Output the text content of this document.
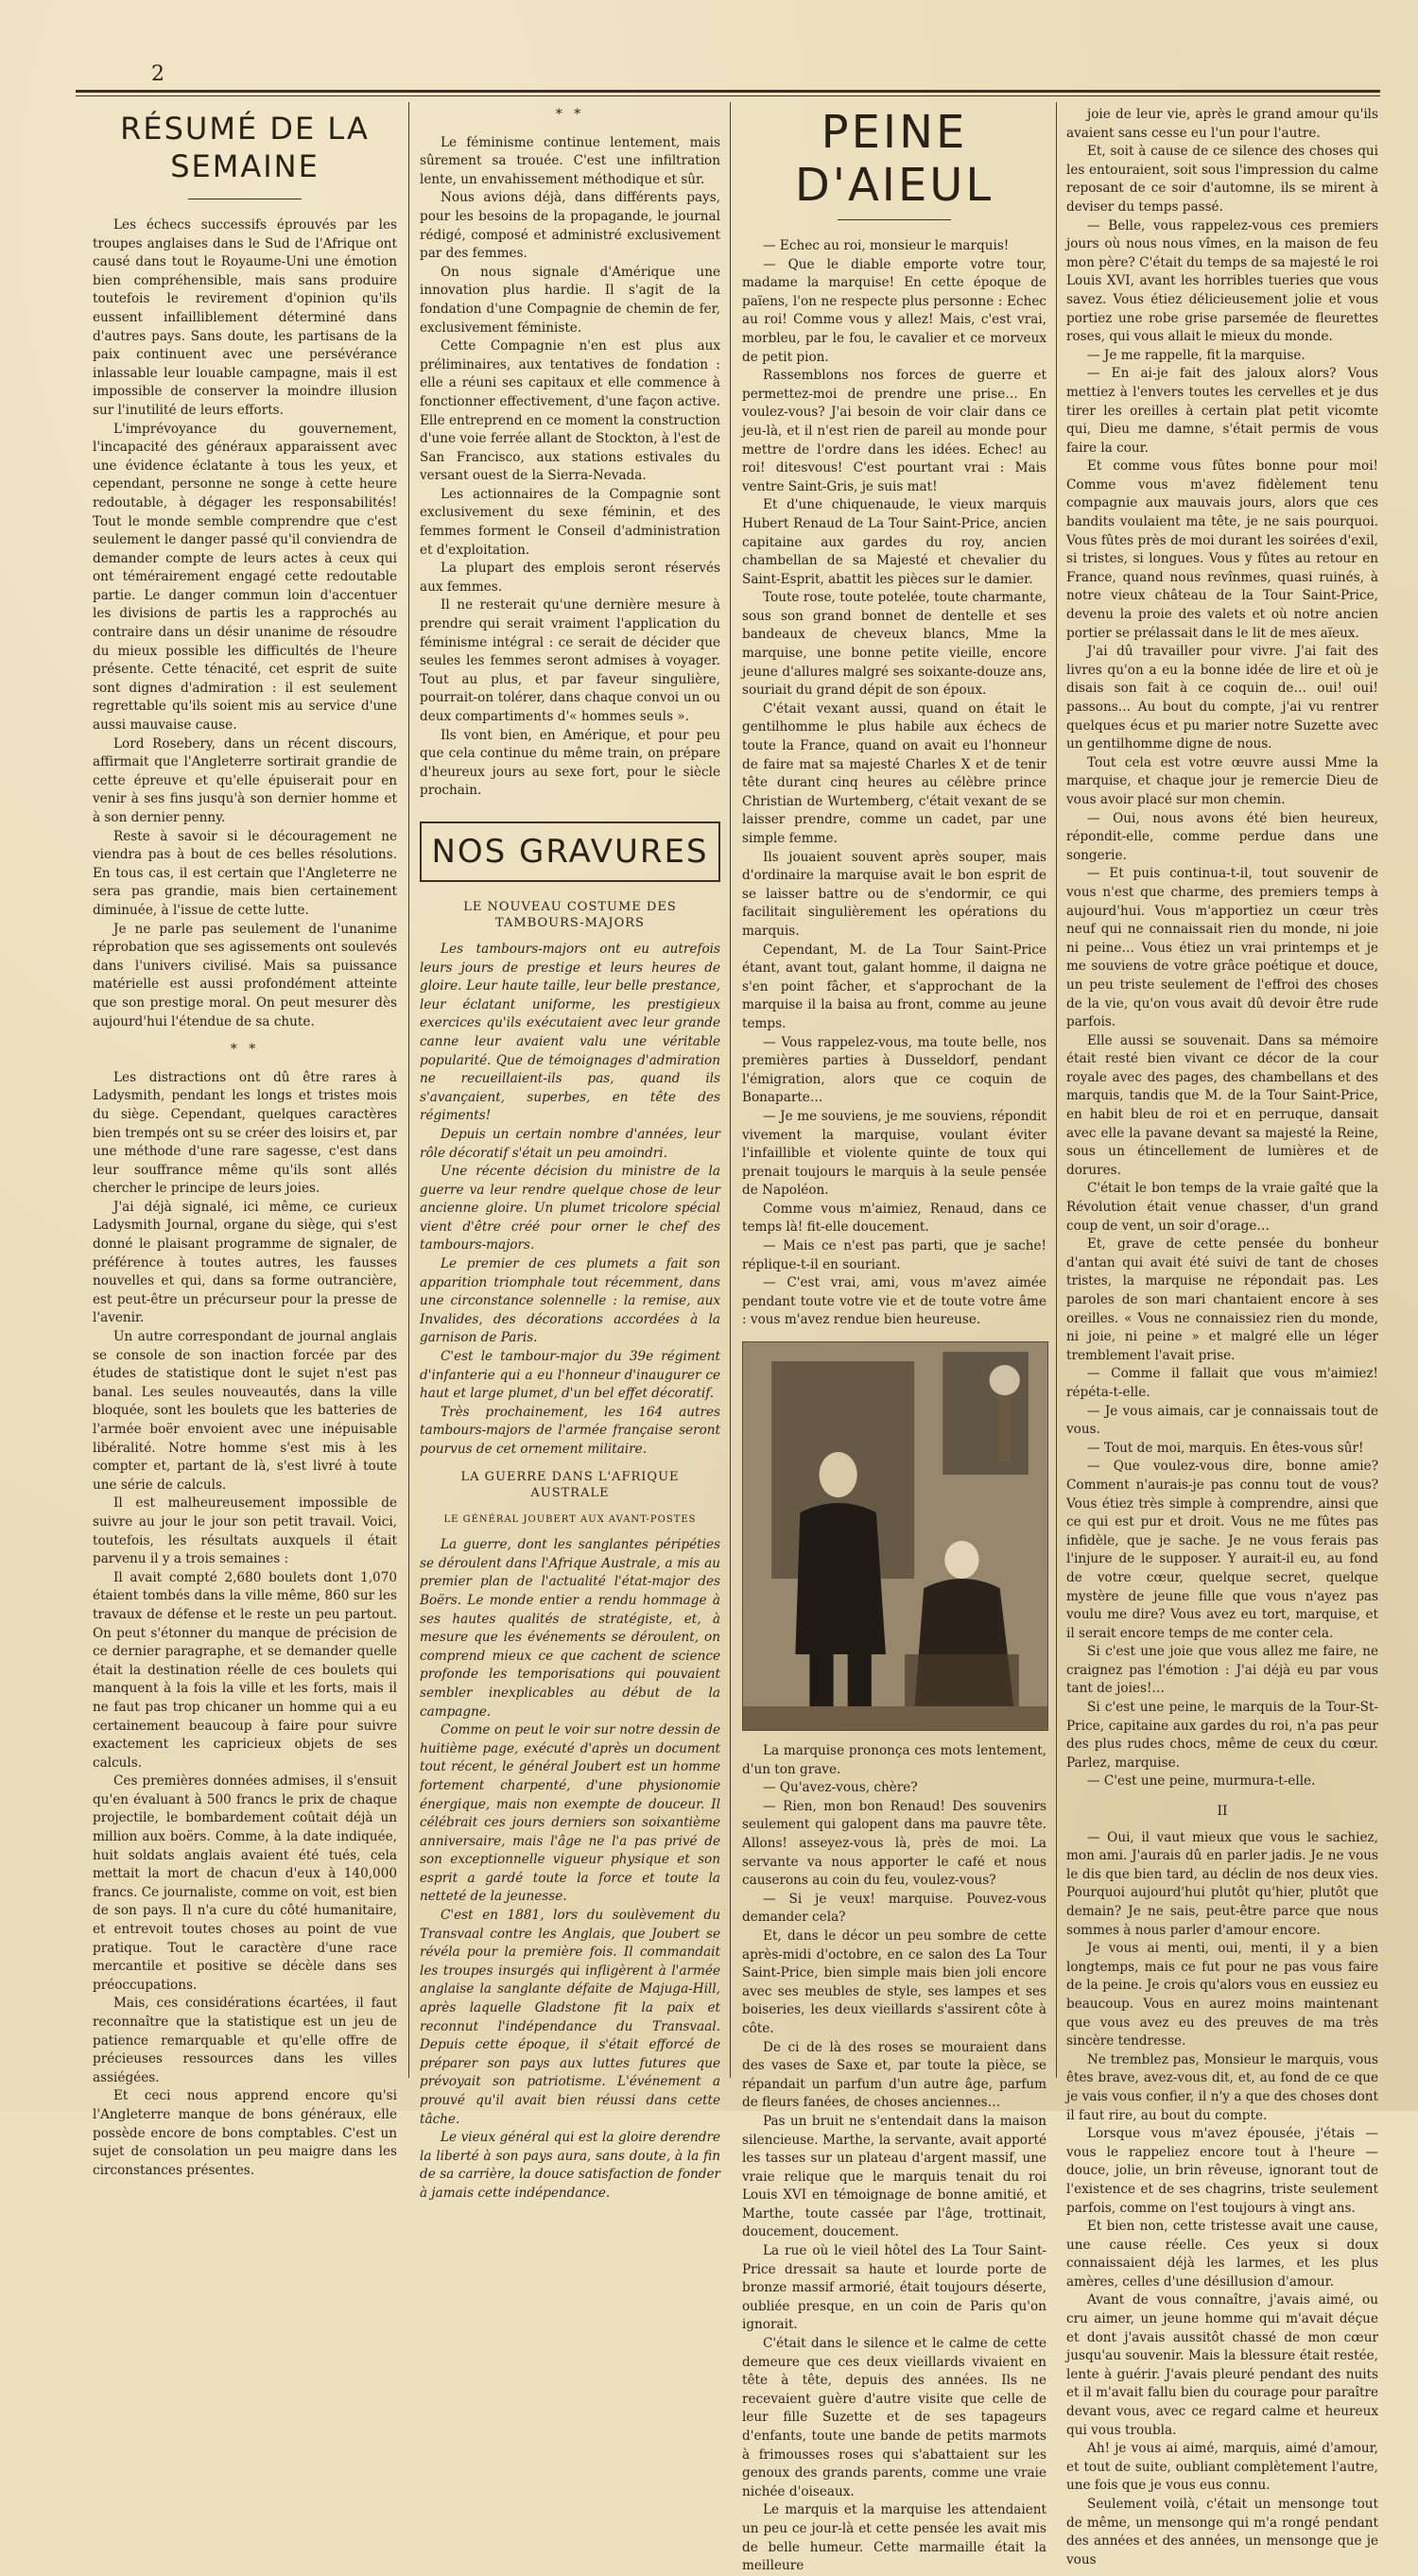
2
RÉSUMÉ DE LA SEMAINE

Les échecs successifs éprouvés par les troupes anglaises dans le Sud de l'Afrique ont causé dans tout le Royaume-Uni une émotion bien compréhensible, mais sans produire toutefois le revirement d'opinion qu'ils eussent infailliblement déterminé dans d'autres pays. Sans doute, les partisans de la paix continuent avec une persévérance inlassable leur louable campagne, mais il est impossible de conserver la moindre illusion sur l'inutilité de leurs efforts.

L'imprévoyance du gouvernement, l'incapacité des généraux apparaissent avec une évidence éclatante à tous les yeux, et cependant, personne ne songe à cette heure redoutable, à dégager les responsabilités! Tout le monde semble comprendre que c'est seulement le danger passé qu'il conviendra de demander compte de leurs actes à ceux qui ont témérairement engagé cette redoutable partie. Le danger commun loin d'accentuer les divisions de partis les a rapprochés au contraire dans un désir unanime de résoudre du mieux possible les difficultés de l'heure présente. Cette ténacité, cet esprit de suite sont dignes d'admiration : il est seulement regrettable qu'ils soient mis au service d'une aussi mauvaise cause.

Lord Rosebery, dans un récent discours, affirmait que l'Angleterre sortirait grandie de cette épreuve et qu'elle épuiserait pour en venir à ses fins jusqu'à son dernier homme et à son dernier penny.

Reste à savoir si le découragement ne viendra pas à bout de ces belles résolutions. En tous cas, il est certain que l'Angleterre ne sera pas grandie, mais bien certainement diminuée, à l'issue de cette lutte.

Je ne parle pas seulement de l'unanime réprobation que ses agissements ont soulevés dans l'univers civilisé. Mais sa puissance matérielle est aussi profondément atteinte que son prestige moral. On peut mesurer dès aujourd'hui l'étendue de sa chute.

* *

Les distractions ont dû être rares à Ladysmith, pendant les longs et tristes mois du siège. Cependant, quelques caractères bien trempés ont su se créer des loisirs et, par une méthode d'une rare sagesse, c'est dans leur souffrance même qu'ils sont allés chercher le principe de leurs joies.

J'ai déjà signalé, ici même, ce curieux Ladysmith Journal, organe du siège, qui s'est donné le plaisant programme de signaler, de préférence à toutes autres, les fausses nouvelles et qui, dans sa forme outrancière, est peut-être un précurseur pour la presse de l'avenir.

Un autre correspondant de journal anglais se console de son inaction forcée par des études de statistique dont le sujet n'est pas banal. Les seules nouveautés, dans la ville bloquée, sont les boulets que les batteries de l'armée boër envoient avec une inépuisable libéralité. Notre homme s'est mis à les compter et, partant de là, s'est livré à toute une série de calculs.

Il est malheureusement impossible de suivre au jour le jour son petit travail. Voici, toutefois, les résultats auxquels il était parvenu il y a trois semaines :

Il avait compté 2,680 boulets dont 1,070 étaient tombés dans la ville même, 860 sur les travaux de défense et le reste un peu partout. On peut s'étonner du manque de précision de ce dernier paragraphe, et se demander quelle était la destination réelle de ces boulets qui manquent à la fois la ville et les forts, mais il ne faut pas trop chicaner un homme qui a eu certainement beaucoup à faire pour suivre exactement les capricieux objets de ses calculs.

Ces premières données admises, il s'ensuit qu'en évaluant à 500 francs le prix de chaque projectile, le bombardement coûtait déjà un million aux boërs. Comme, à la date indiquée, huit soldats anglais avaient été tués, cela mettait la mort de chacun d'eux à 140,000 francs. Ce journaliste, comme on voit, est bien de son pays. Il n'a cure du côté humanitaire, et entrevoit toutes choses au point de vue pratique. Tout le caractère d'une race mercantile et positive se décèle dans ses préoccupations.

Mais, ces considérations écartées, il faut reconnaître que la statistique est un jeu de patience remarquable et qu'elle offre de précieuses ressources dans les villes assiégées.

Et ceci nous apprend encore qu'si l'Angleterre manque de bons généraux, elle possède encore de bons comptables. C'est un sujet de consolation un peu maigre dans les circonstances présentes.

* *

Le féminisme continue lentement, mais sûrement sa trouée. C'est une infiltration lente, un envahissement méthodique et sûr.

Nous avions déjà, dans différents pays, pour les besoins de la propagande, le journal rédigé, composé et administré exclusivement par des femmes.

On nous signale d'Amérique une innovation plus hardie. Il s'agit de la fondation d'une Compagnie de chemin de fer, exclusivement féministe.

Cette Compagnie n'en est plus aux préliminaires, aux tentatives de fondation : elle a réuni ses capitaux et elle commence à fonctionner effectivement, d'une façon active. Elle entreprend en ce moment la construction d'une voie ferrée allant de Stockton, à l'est de San Francisco, aux stations estivales du versant ouest de la Sierra-Nevada.

Les actionnaires de la Compagnie sont exclusivement du sexe féminin, et des femmes forment le Conseil d'administration et d'exploitation.

La plupart des emplois seront réservés aux femmes.

Il ne resterait qu'une dernière mesure à prendre qui serait vraiment l'application du féminisme intégral : ce serait de décider que seules les femmes seront admises à voyager. Tout au plus, et par faveur singulière, pourrait-on tolérer, dans chaque convoi un ou deux compartiments d'« hommes seuls ».

Ils vont bien, en Amérique, et pour peu que cela continue du même train, on prépare d'heureux jours au sexe fort, pour le siècle prochain.

NOS GRAVURES
LE NOUVEAU COSTUME DES TAMBOURS-MAJORS

Les tambours-majors ont eu autrefois leurs jours de prestige et leurs heures de gloire. Leur haute taille, leur belle prestance, leur éclatant uniforme, les prestigieux exercices qu'ils exécutaient avec leur grande canne leur avaient valu une véritable popularité. Que de témoignages d'admiration ne recueillaient-ils pas, quand ils s'avançaient, superbes, en tête des régiments!

Depuis un certain nombre d'années, leur rôle décoratif s'était un peu amoindri.

Une récente décision du ministre de la guerre va leur rendre quelque chose de leur ancienne gloire. Un plumet tricolore spécial vient d'être créé pour orner le chef des tambours-majors.

Le premier de ces plumets a fait son apparition triomphale tout récemment, dans une circonstance solennelle : la remise, aux Invalides, des décorations accordées à la garnison de Paris.

C'est le tambour-major du 39e régiment d'infanterie qui a eu l'honneur d'inaugurer ce haut et large plumet, d'un bel effet décoratif.

Très prochainement, les 164 autres tambours-majors de l'armée française seront pourvus de cet ornement militaire.

LA GUERRE DANS L'AFRIQUE AUSTRALE
LE GÉNÉRAL JOUBERT AUX AVANT-POSTES

La guerre, dont les sanglantes péripéties se déroulent dans l'Afrique Australe, a mis au premier plan de l'actualité l'état-major des Boërs. Le monde entier a rendu hommage à ses hautes qualités de stratégiste, et, à mesure que les événements se déroulent, on comprend mieux ce que cachent de science profonde les temporisations qui pouvaient sembler inexplicables au début de la campagne.

Comme on peut le voir sur notre dessin de huitième page, exécuté d'après un document tout récent, le général Joubert est un homme fortement charpenté, d'une physionomie énergique, mais non exempte de douceur. Il célébrait ces jours derniers son soixantième anniversaire, mais l'âge ne l'a pas privé de son exceptionnelle vigueur physique et son esprit a gardé toute la force et toute la netteté de la jeunesse.

C'est en 1881, lors du soulèvement du Transvaal contre les Anglais, que Joubert se révéla pour la première fois. Il commandait les troupes insurgés qui infligèrent à l'armée anglaise la sanglante défaite de Majuga-Hill, après laquelle Gladstone fit la paix et reconnut l'indépendance du Transvaal. Depuis cette époque, il s'était efforcé de préparer son pays aux luttes futures que prévoyait son patriotisme. L'événement a prouvé qu'il avait bien réussi dans cette tâche.

Le vieux général qui est la gloire derendre la liberté à son pays aura, sans doute, à la fin de sa carrière, la douce satisfaction de fonder à jamais cette indépendance.

PEINE D'AIEUL

— Echec au roi, monsieur le marquis!

— Que le diable emporte votre tour, madame la marquise! En cette époque de païens, l'on ne respecte plus personne : Echec au roi! Comme vous y allez! Mais, c'est vrai, morbleu, par le fou, le cavalier et ce morveux de petit pion.

Rassemblons nos forces de guerre et permettez-moi de prendre une prise… En voulez-vous? J'ai besoin de voir clair dans ce jeu-là, et il n'est rien de pareil au monde pour mettre de l'ordre dans les idées. Echec! au roi! ditesvous! C'est pourtant vrai : Mais ventre Saint-Gris, je suis mat!

Et d'une chiquenaude, le vieux marquis Hubert Renaud de La Tour Saint-Price, ancien capitaine aux gardes du roy, ancien chambellan de sa Majesté et chevalier du Saint-Esprit, abattit les pièces sur le damier.

Toute rose, toute potelée, toute charmante, sous son grand bonnet de dentelle et ses bandeaux de cheveux blancs, Mme la marquise, une bonne petite vieille, encore jeune d'allures malgré ses soixante-douze ans, souriait du grand dépit de son époux.

C'était vexant aussi, quand on était le gentilhomme le plus habile aux échecs de toute la France, quand on avait eu l'honneur de faire mat sa majesté Charles X et de tenir tête durant cinq heures au célèbre prince Christian de Wurtemberg, c'était vexant de se laisser prendre, comme un cadet, par une simple femme.

Ils jouaient souvent après souper, mais d'ordinaire la marquise avait le bon esprit de se laisser battre ou de s'endormir, ce qui facilitait singulièrement les opérations du marquis.

Cependant, M. de La Tour Saint-Price étant, avant tout, galant homme, il daigna ne s'en point fâcher, et s'approchant de la marquise il la baisa au front, comme au jeune temps.

— Vous rappelez-vous, ma toute belle, nos premières parties à Dusseldorf, pendant l'émigration, alors que ce coquin de Bonaparte…

— Je me souviens, je me souviens, répondit vivement la marquise, voulant éviter l'infaillible et violente quinte de toux qui prenait toujours le marquis à la seule pensée de Napoléon.

Comme vous m'aimiez, Renaud, dans ce temps là! fit-elle doucement.

— Mais ce n'est pas parti, que je sache! réplique-t-il en souriant.

— C'est vrai, ami, vous m'avez aimée pendant toute votre vie et de toute votre âme : vous m'avez rendue bien heureuse.

La marquise prononça ces mots lentement, d'un ton grave.

— Qu'avez-vous, chère?

— Rien, mon bon Renaud! Des souvenirs seulement qui galopent dans ma pauvre tête. Allons! asseyez-vous là, près de moi. La servante va nous apporter le café et nous causerons au coin du feu, voulez-vous?

— Si je veux! marquise. Pouvez-vous demander cela?

Et, dans le décor un peu sombre de cette après-midi d'octobre, en ce salon des La Tour Saint-Price, bien simple mais bien joli encore avec ses meubles de style, ses lampes et ses boiseries, les deux vieillards s'assirent côte à côte.

De ci de là des roses se mouraient dans des vases de Saxe et, par toute la pièce, se répandait un parfum d'un autre âge, parfum de fleurs fanées, de choses anciennes…

Pas un bruit ne s'entendait dans la maison silencieuse. Marthe, la servante, avait apporté les tasses sur un plateau d'argent massif, une vraie relique que le marquis tenait du roi Louis XVI en témoignage de bonne amitié, et Marthe, toute cassée par l'âge, trottinait, doucement, doucement.

La rue où le vieil hôtel des La Tour Saint-Price dressait sa haute et lourde porte de bronze massif armorié, était toujours déserte, oubliée presque, en un coin de Paris qu'on ignorait.

C'était dans le silence et le calme de cette demeure que ces deux vieillards vivaient en tête à tête, depuis des années. Ils ne recevaient guère d'autre visite que celle de leur fille Suzette et de ses tapageurs d'enfants, toute une bande de petits marmots à frimousses roses qui s'abattaient sur les genoux des grands parents, comme une vraie nichée d'oiseaux.

Le marquis et la marquise les attendaient un peu ce jour-là et cette pensée les avait mis de belle humeur. Cette marmaille était la meilleure

joie de leur vie, après le grand amour qu'ils avaient sans cesse eu l'un pour l'autre.

Et, soit à cause de ce silence des choses qui les entouraient, soit sous l'impression du calme reposant de ce soir d'automne, ils se mirent à deviser du temps passé.

— Belle, vous rappelez-vous ces premiers jours où nous nous vîmes, en la maison de feu mon père? C'était du temps de sa majesté le roi Louis XVI, avant les horribles tueries que vous savez. Vous étiez délicieusement jolie et vous portiez une robe grise parsemée de fleurettes roses, qui vous allait le mieux du monde.

— Je me rappelle, fit la marquise.

— En ai-je fait des jaloux alors? Vous mettiez à l'envers toutes les cervelles et je dus tirer les oreilles à certain plat petit vicomte qui, Dieu me damne, s'était permis de vous faire la cour.

Et comme vous fûtes bonne pour moi! Comme vous m'avez fidèlement tenu compagnie aux mauvais jours, alors que ces bandits voulaient ma tête, je ne sais pourquoi. Vous fûtes près de moi durant les soirées d'exil, si tristes, si longues. Vous y fûtes au retour en France, quand nous revînmes, quasi ruinés, à notre vieux château de la Tour Saint-Price, devenu la proie des valets et où notre ancien portier se prélassait dans le lit de mes aïeux.

J'ai dû travailler pour vivre. J'ai fait des livres qu'on a eu la bonne idée de lire et où je disais son fait à ce coquin de… oui! oui! passons… Au bout du compte, j'ai vu rentrer quelques écus et pu marier notre Suzette avec un gentilhomme digne de nous.

Tout cela est votre œuvre aussi Mme la marquise, et chaque jour je remercie Dieu de vous avoir placé sur mon chemin.

— Oui, nous avons été bien heureux, répondit-elle, comme perdue dans une songerie.

— Et puis continua-t-il, tout souvenir de vous n'est que charme, des premiers temps à aujourd'hui. Vous m'apportiez un cœur très neuf qui ne connaissait rien du monde, ni joie ni peine… Vous étiez un vrai printemps et je me souviens de votre grâce poétique et douce, un peu triste seulement de l'effroi des choses de la vie, qu'on vous avait dû devoir être rude parfois.

Elle aussi se souvenait. Dans sa mémoire était resté bien vivant ce décor de la cour royale avec des pages, des chambellans et des marquis, tandis que M. de la Tour Saint-Price, en habit bleu de roi et en perruque, dansait avec elle la pavane devant sa majesté la Reine, sous un étincellement de lumières et de dorures.

C'était le bon temps de la vraie gaîté que la Révolution était venue chasser, d'un grand coup de vent, un soir d'orage…

Et, grave de cette pensée du bonheur d'antan qui avait été suivi de tant de choses tristes, la marquise ne répondait pas. Les paroles de son mari chantaient encore à ses oreilles. « Vous ne connaissiez rien du monde, ni joie, ni peine » et malgré elle un léger tremblement l'avait prise.

— Comme il fallait que vous m'aimiez! répéta-t-elle.

— Je vous aimais, car je connaissais tout de vous.

— Tout de moi, marquis. En êtes-vous sûr!

— Que voulez-vous dire, bonne amie? Comment n'aurais-je pas connu tout de vous? Vous étiez très simple à comprendre, ainsi que ce qui est pur et droit. Vous ne me fûtes pas infidèle, que je sache. Je ne vous ferais pas l'injure de le supposer. Y aurait-il eu, au fond de votre cœur, quelque secret, quelque mystère de jeune fille que vous n'ayez pas voulu me dire? Vous avez eu tort, marquise, et il serait encore temps de me conter cela.

Si c'est une joie que vous allez me faire, ne craignez pas l'émotion : J'ai déjà eu par vous tant de joies!…

Si c'est une peine, le marquis de la Tour-St-Price, capitaine aux gardes du roi, n'a pas peur des plus rudes chocs, même de ceux du cœur. Parlez, marquise.

— C'est une peine, murmura-t-elle.

II

— Oui, il vaut mieux que vous le sachiez, mon ami. J'aurais dû en parler jadis. Je ne vous le dis que bien tard, au déclin de nos deux vies. Pourquoi aujourd'hui plutôt qu'hier, plutôt que demain? Je ne sais, peut-être parce que nous sommes à nous parler d'amour encore.

Je vous ai menti, oui, menti, il y a bien longtemps, mais ce fut pour ne pas vous faire de la peine. Je crois qu'alors vous en eussiez eu beaucoup. Vous en aurez moins maintenant que vous avez eu des preuves de ma très sincère tendresse.

Ne tremblez pas, Monsieur le marquis, vous êtes brave, avez-vous dit, et, au fond de ce que je vais vous confier, il n'y a que des choses dont il faut rire, au bout du compte.

Lorsque vous m'avez épousée, j'étais — vous le rappeliez encore tout à l'heure — douce, jolie, un brin rêveuse, ignorant tout de l'existence et de ses chagrins, triste seulement parfois, comme on l'est toujours à vingt ans.

Et bien non, cette tristesse avait une cause, une cause réelle. Ces yeux si doux connaissaient déjà les larmes, et les plus amères, celles d'une désillusion d'amour.

Avant de vous connaître, j'avais aimé, ou cru aimer, un jeune homme qui m'avait déçue et dont j'avais aussitôt chassé de mon cœur jusqu'au souvenir. Mais la blessure était restée, lente à guérir. J'avais pleuré pendant des nuits et il m'avait fallu bien du courage pour paraître devant vous, avec ce regard calme et heureux qui vous troubla.

Ah! je vous ai aimé, marquis, aimé d'amour, et tout de suite, oubliant complètement l'autre, une fois que je vous eus connu.

Seulement voilà, c'était un mensonge tout de même, un mensonge qui m'a rongé pendant des années et des années, un mensonge que je vous
